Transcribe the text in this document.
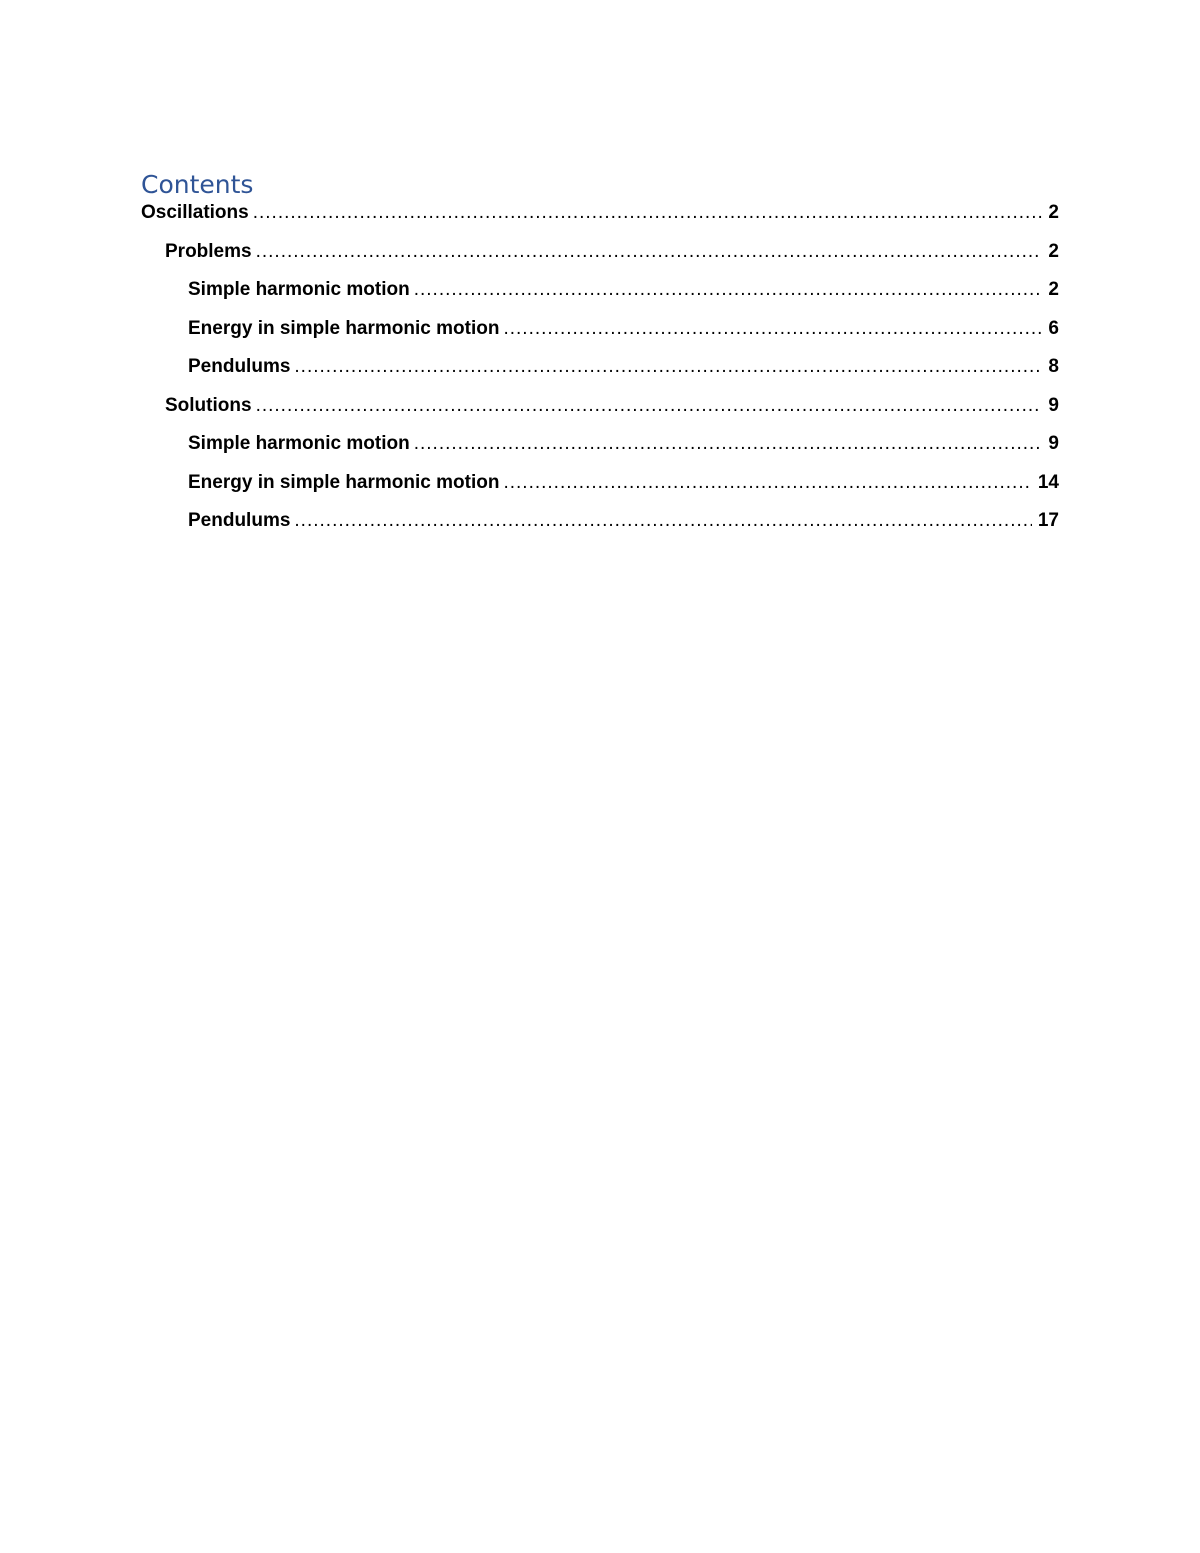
Contents
Oscillations .....	2
Problems .....	2
Simple harmonic motion .....	2
Energy in simple harmonic motion .....	6
Pendulums .....	8
Solutions .....	9
Simple harmonic motion .....	9
Energy in simple harmonic motion .....	14
Pendulums .....	17
